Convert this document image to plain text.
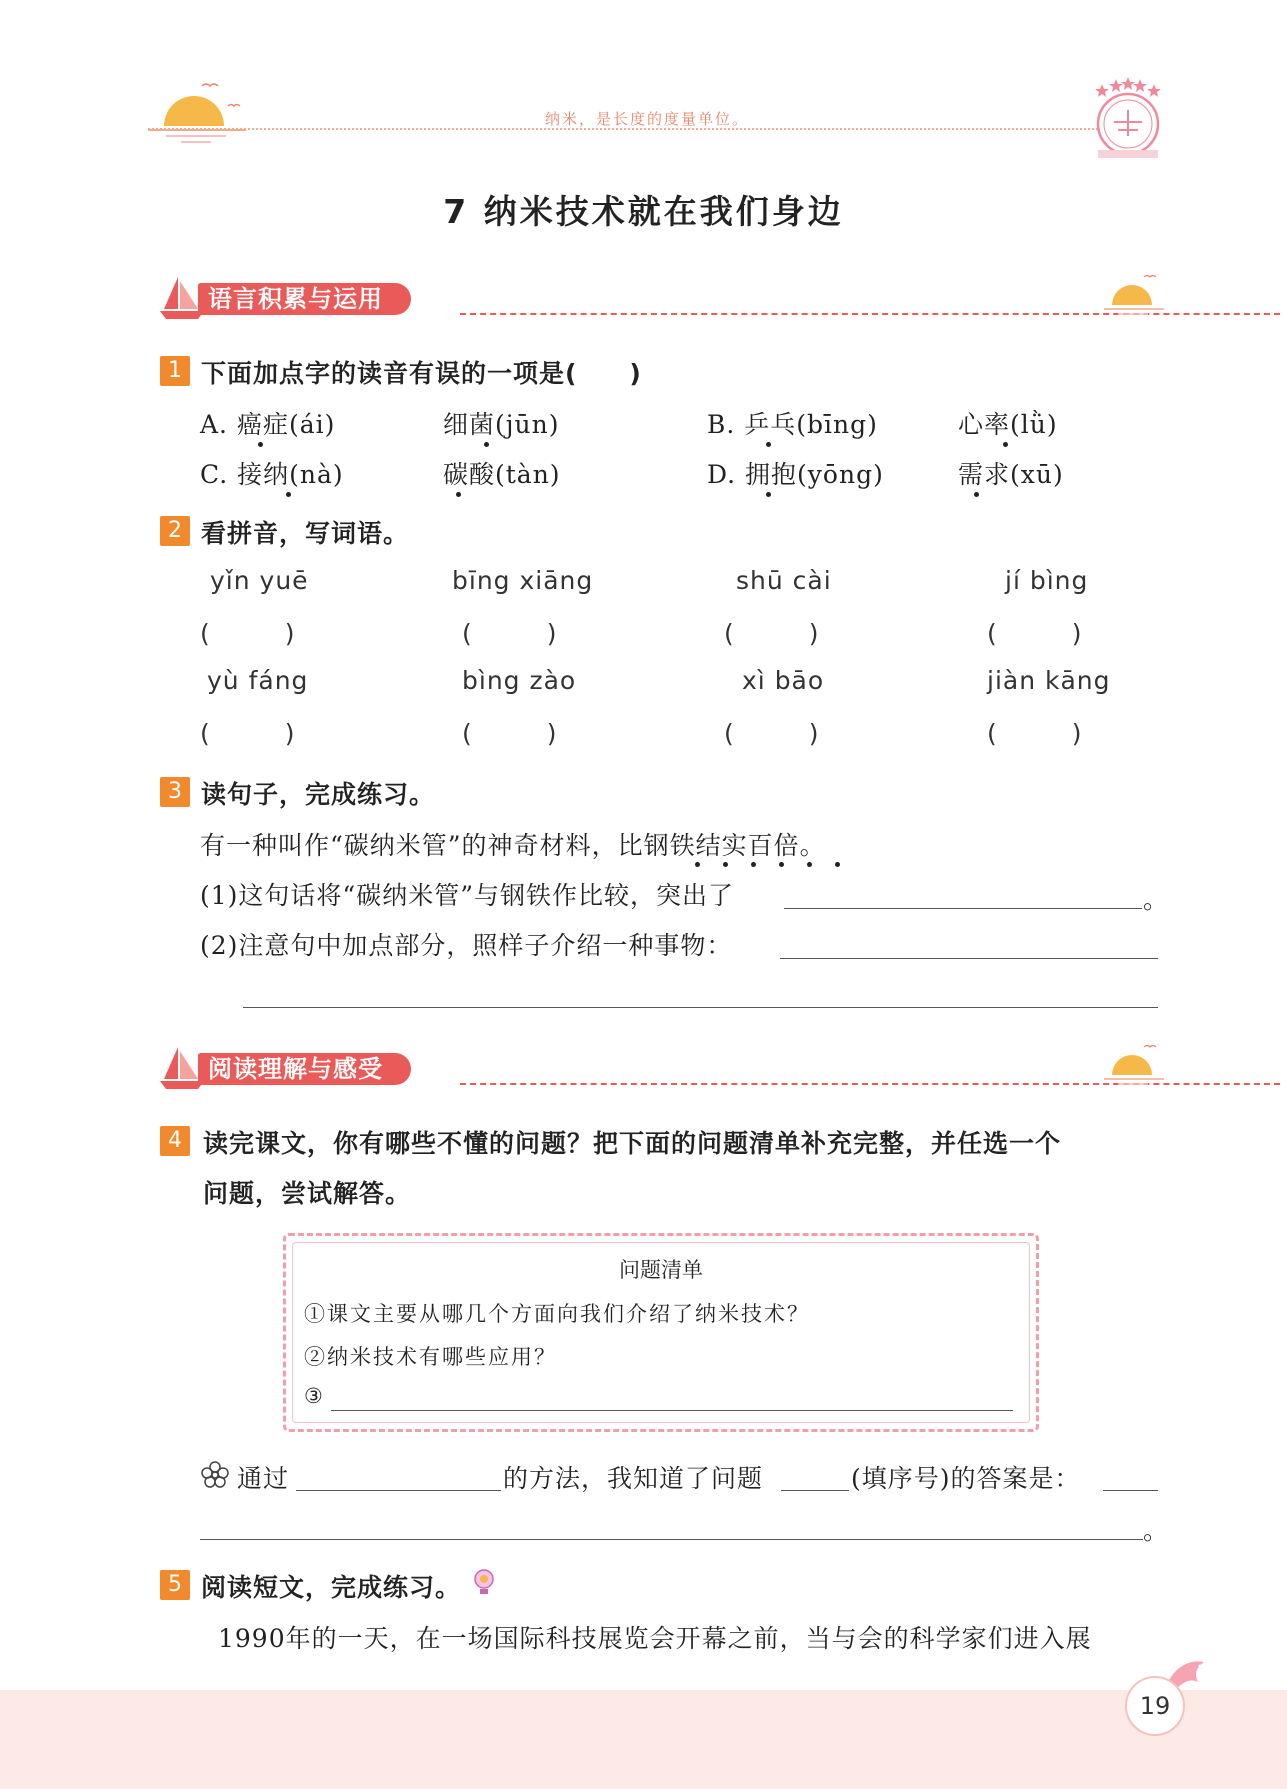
纳米，是长度的度量单位。
7 纳米技术就在我们身边
语言积累与运用
1 下面加点字的读音有误的一项是(　　)
A. 癌症(ái)	细菌(jūn)	B. 乒乓(bīng)	心率(lǜ)
C. 接纳(nà)	碳酸(tàn)	D. 拥抱(yōng)	需求(xū)
2 看拼音，写词语。
yǐn yuē	bīng xiāng	shū cài	jí bìng
(　　　)	(　　　)	(　　　)	(　　　)
yù fáng	bìng zào	xì bāo	jiàn kāng
(　　　)	(　　　)	(　　　)	(　　　)
3 读句子，完成练习。
有一种叫作“碳纳米管”的神奇材料，比钢铁结实百倍。
(1)这句话将“碳纳米管”与钢铁作比较，突出了	。
(2)注意句中加点部分，照样子介绍一种事物：
阅读理解与感受
4 读完课文，你有哪些不懂的问题？把下面的问题清单补充完整，并任选一个
问题，尝试解答。
问题清单
①课文主要从哪几个方面向我们介绍了纳米技术？
②纳米技术有哪些应用？
③
通过	的方法，我知道了问题	(填序号)的答案是：
。
5 阅读短文，完成练习。
1990年的一天，在一场国际科技展览会开幕之前，当与会的科学家们进入展
19
